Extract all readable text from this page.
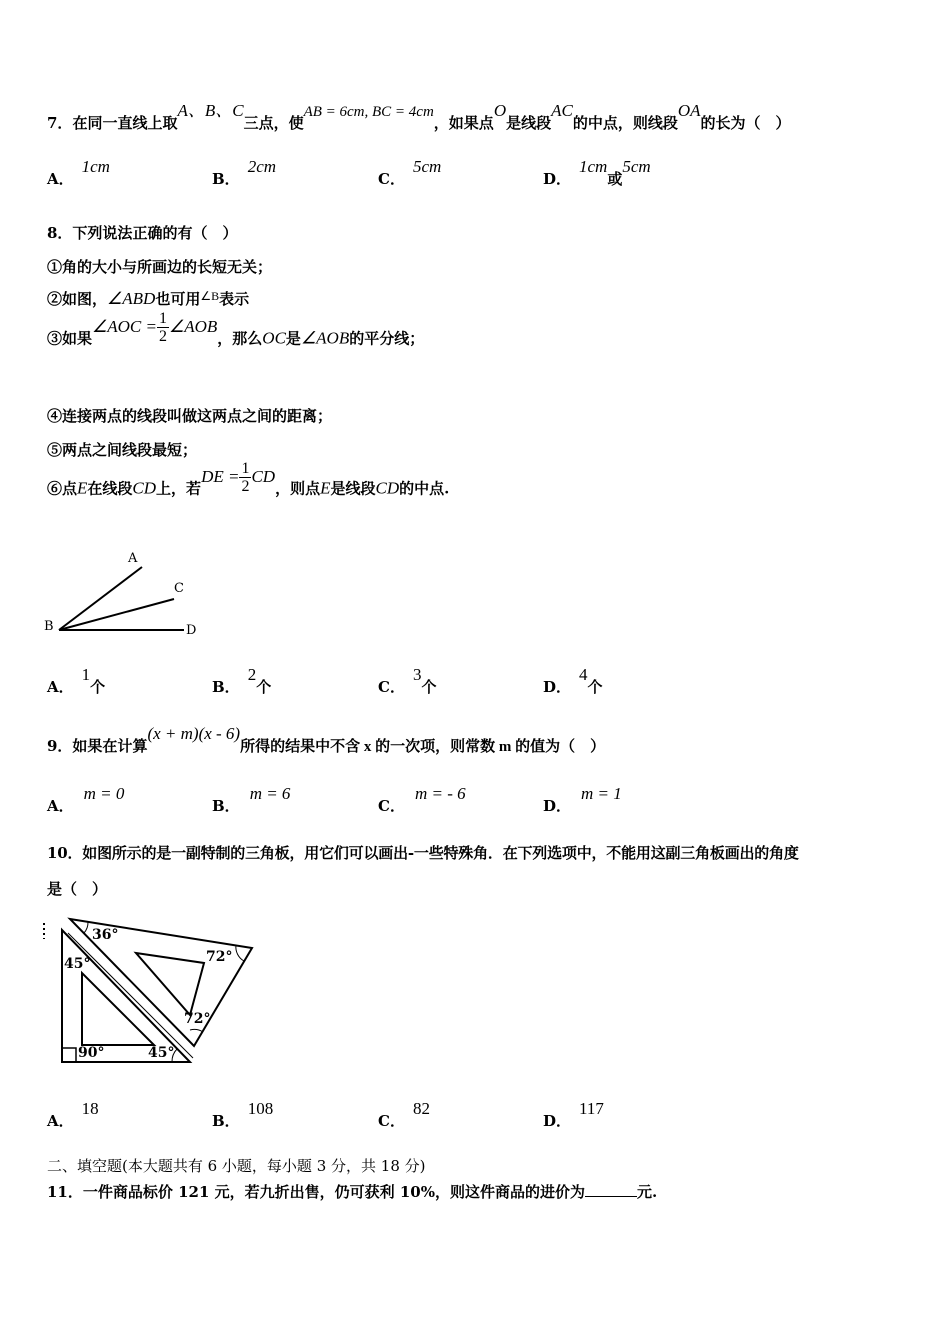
7．在同一直线上取A、B、C三点，使AB = 6cm, BC = 4cm，如果点O是线段AC的中点，则线段OA的长为（　）
A．1cm
B．2cm
C．5cm
D．1cm或5cm
8．下列说法正确的有（　）
①角的大小与所画边的长短无关；
②如图，∠ABD也可用$^{\angle B}$表示
③如果∠AOC = $\frac{1}{2}$ ∠AOB，那么OC是∠AOB的平分线；
④连接两点的线段叫做这两点之间的距离；
⑤两点之间线段最短；
⑥点E在线段CD上，若DE = $\frac{1}{2}$ CD，则点E是线段CD的中点.
A
C
B	D
A．1个	B．2个	C．3个	D．4个
9．如果在计算(x + m)(x - 6)所得的结果中不含 x 的一次项，则常数 m 的值为（　）
A．m = 0
B．m = 6
C．m = - 6
D．m = 1
10．如图所示的是一副特制的三角板，用它们可以画出-一些特殊角．在下列选项中，不能用这副三角板画出的角度
是（　）
36°
72°
72°
45°
45°
90°
A．18
B．108
C．82
D．117
二、填空题(本大题共有 6 小题，每小题 3 分，共 18 分)
11．一件商品标价 121 元，若九折出售，仍可获利 10%，则这件商品的进价为	元.
